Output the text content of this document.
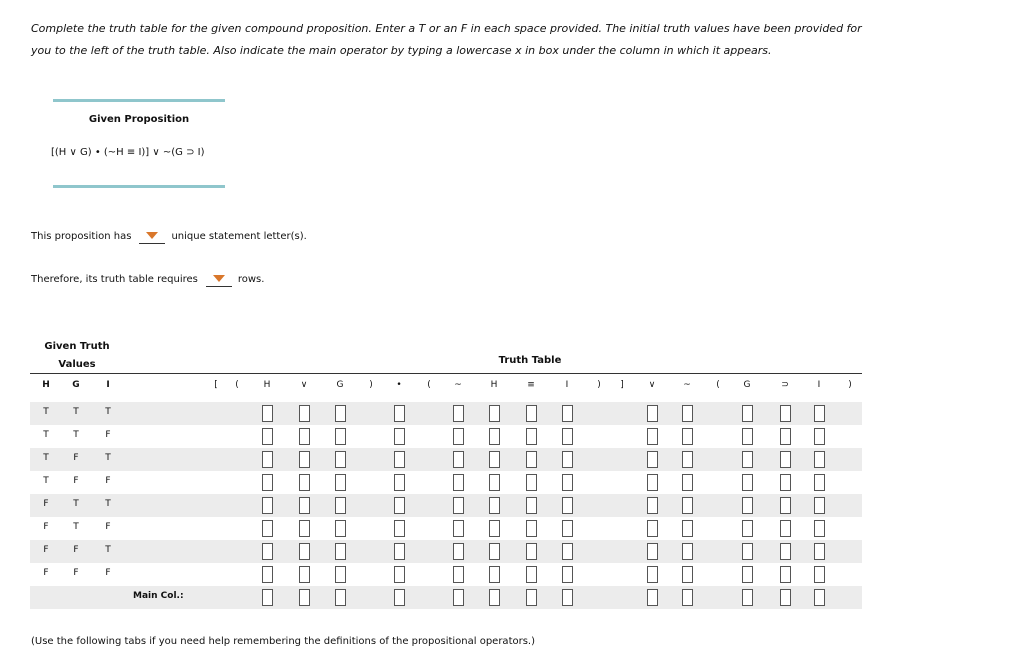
Complete the truth table for the given compound proposition. Enter a T or an F in each space provided. The initial truth values have been provided for you to the left of the truth table. Also indicate the main operator by typing a lowercase x in box under the column in which it appears.
Given Proposition
[(H ∨ G) • (~H ≡ I)] ∨ ~(G ⊃ I)
This proposition has	unique statement letter(s).
Therefore, its truth table requires	rows.
Given Truth
Values	Truth Table
H	G	I	[ (	H	∨	G	)	•	(	~	H	≡	I	) ]	∨	~	(	G	⊃	I	)
T	T	T
T	T	F
T	F	T
T	F	F
F	T	T
F	T	F
F	F	T
F	F	F
Main Col.:
(Use the following tabs if you need help remembering the definitions of the propositional operators.)
